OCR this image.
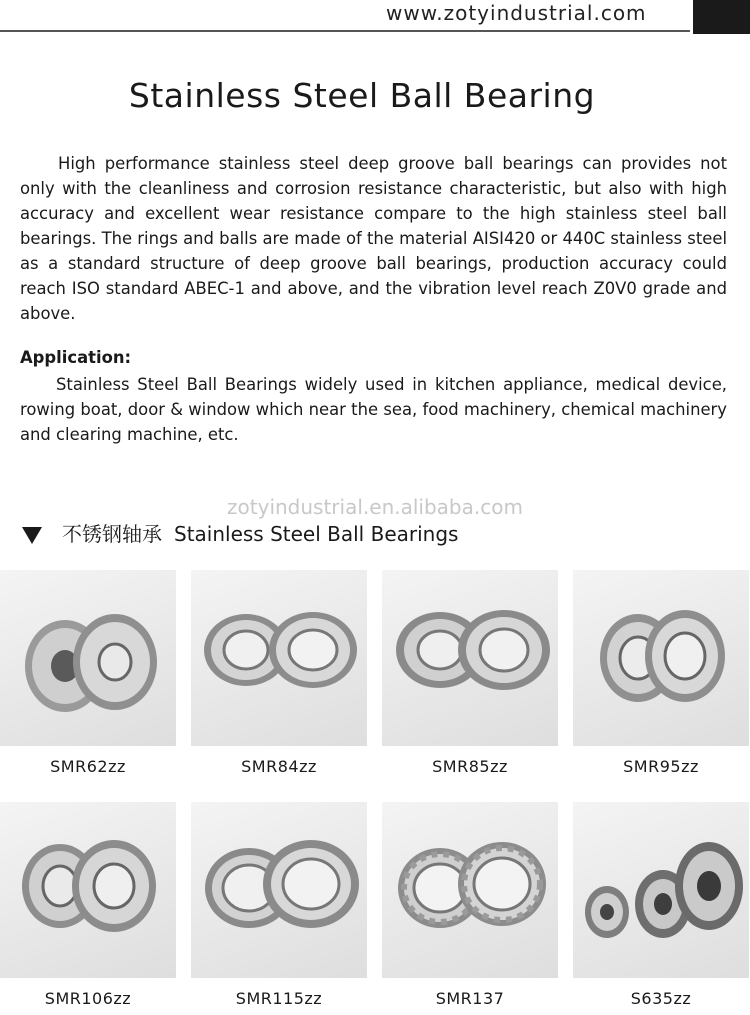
www.zotyindustrial.com
Stainless Steel Ball Bearing
High performance stainless steel deep groove ball bearings can provides not only with the cleanliness and corrosion resistance characteristic, but also with high accuracy and excellent wear resistance compare to the high stainless steel ball bearings. The rings and balls are made of the material AISI420 or 440C stainless steel as a standard structure of deep groove ball bearings, production accuracy could reach ISO standard ABEC-1 and above, and the vibration level reach Z0V0 grade and above.
Application:
Stainless Steel Ball Bearings widely used in kitchen appliance, medical device, rowing boat, door & window which near the sea, food machinery, chemical machinery and clearing machine, etc.
zotyindustrial.en.alibaba.com
不锈钢轴承 Stainless Steel Ball Bearings
SMR62zz	SMR84zz	SMR85zz	SMR95zz
SMR106zz	SMR115zz	SMR137	S635zz
